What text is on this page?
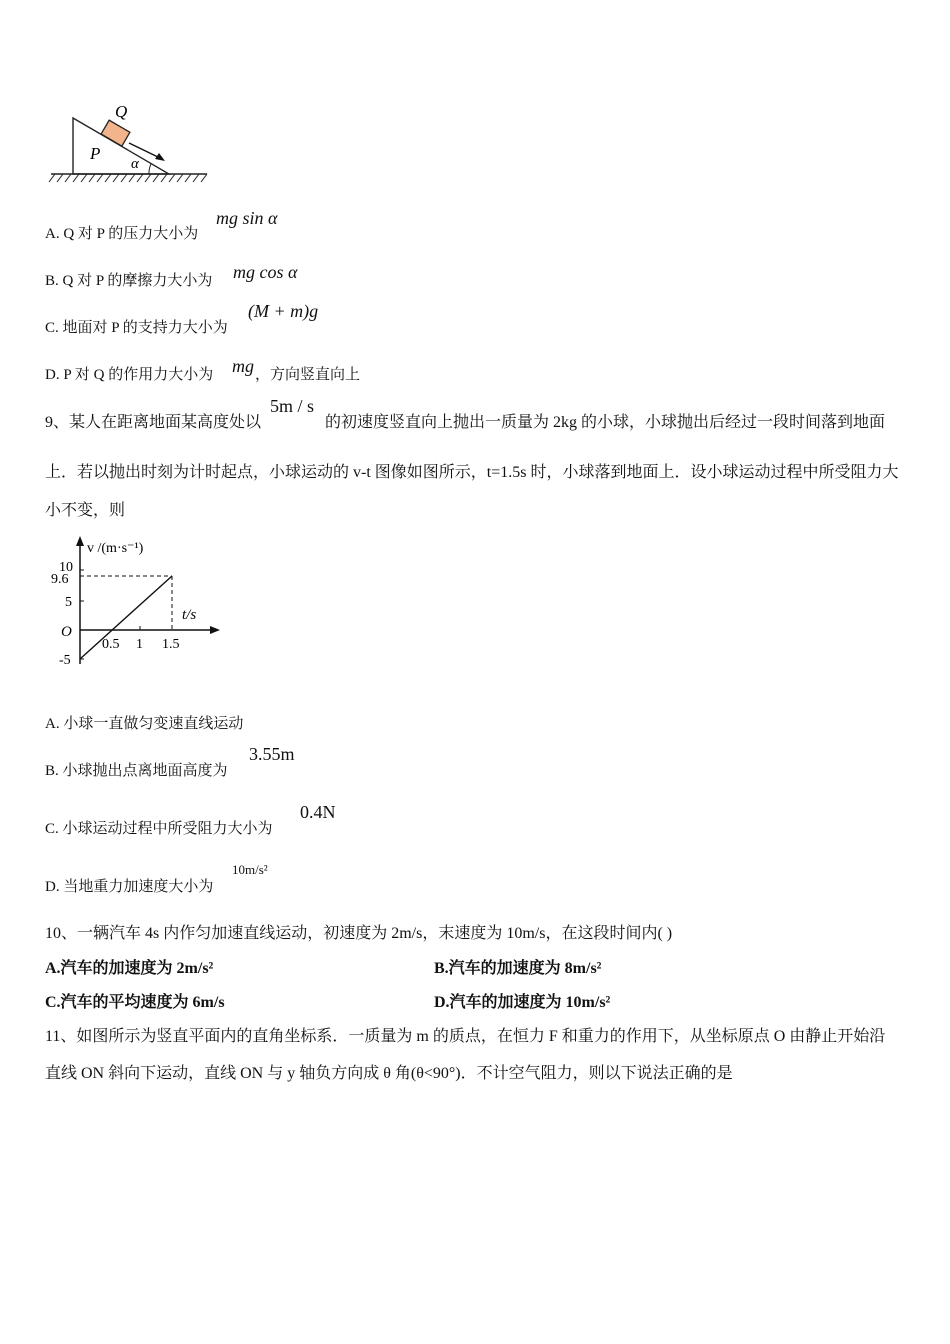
Q
P
α
A. Q 对 P 的压力大小为
mg sin α
B. Q 对 P 的摩擦力大小为 mg cos α
C. 地面对 P 的支持力大小为
(M + m)g
D. P 对 Q 的作用力大小为 mg ，方向竖直向上
9、某人在距离地面某高度处以
5m / s
的初速度竖直向上抛出一质量为 2kg 的小球，小球抛出后经过一段时间落到地面
上．若以抛出时刻为计时起点，小球运动的 v-t 图像如图所示，t=1.5s 时，小球落到地面上．设小球运动过程中所受阻力大
小不变，则
v /(m·s⁻¹)
t/s
O
10
9.6
5
-5
0.5 1 1.5
A. 小球一直做匀变速直线运动
B. 小球抛出点离地面高度为
3.55m
C. 小球运动过程中所受阻力大小为
0.4N
D. 当地重力加速度大小为
10m/s²
10、一辆汽车 4s 内作匀加速直线运动，初速度为 2m/s，末速度为 10m/s，在这段时间内( )
A.汽车的加速度为 2m/s²	B.汽车的加速度为 8m/s²
C.汽车的平均速度为 6m/s	D.汽车的加速度为 10m/s²
11、如图所示为竖直平面内的直角坐标系．一质量为 m 的质点，在恒力 F 和重力的作用下，从坐标原点 O 由静止开始沿
直线 ON 斜向下运动，直线 ON 与 y 轴负方向成 θ 角(θ<90°)．不计空气阻力，则以下说法正确的是
